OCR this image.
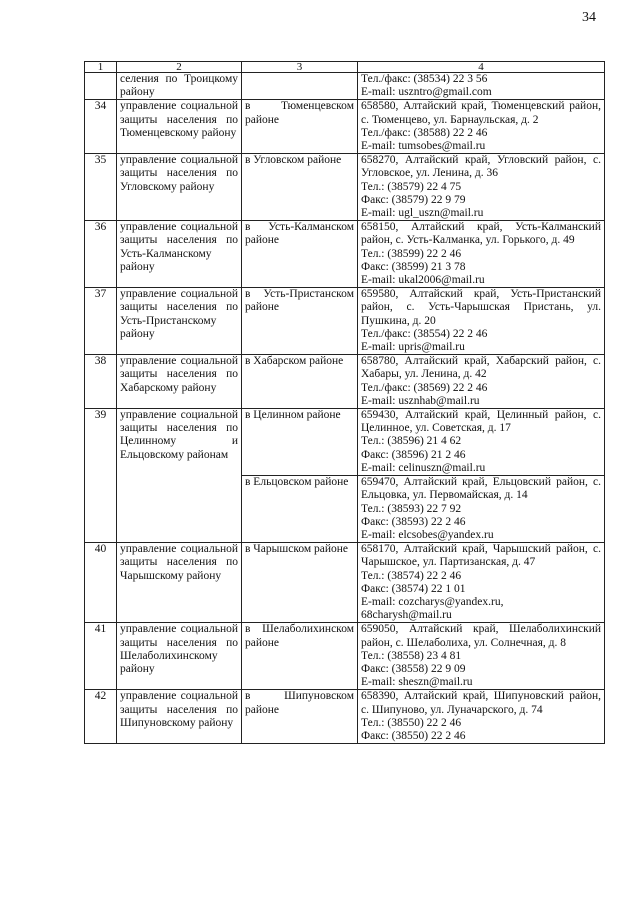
34
1	2	3	4
	селения по Троицкому району		Тел./факс: (38534) 22 3 56
E-mail: uszntro@gmail.com

34	управление социальной защиты населения по Тюменцевскому району	в Тюменцевском районе	658580, Алтайский край, Тюменцевский район, с. Тюменцево, ул. Барнаульская, д. 2
Тел./факс: (38588) 22 2 46
E-mail: tumsobes@mail.ru

35	управление социальной защиты населения по Угловскому району	в Угловском районе	658270, Алтайский край, Угловский район, с. Угловское, ул. Ленина, д. 36
Тел.: (38579) 22 4 75
Факс: (38579) 22 9 79
E-mail: ugl_uszn@mail.ru

36	управление социальной защиты населения по Усть-Калманскому району	в Усть-Калманском районе	658150, Алтайский край, Усть-Калманский район, с. Усть-Калманка, ул. Горького, д. 49
Тел.: (38599) 22 2 46
Факс: (38599) 21 3 78
E-mail: ukal2006@mail.ru

37	управление социальной защиты населения по Усть-Пристанскому району	в Усть-Пристанском районе	659580, Алтайский край, Усть-Пристанский район, с. Усть-Чарышская Пристань, ул. Пушкина, д. 20
Тел./факс: (38554) 22 2 46
E-mail: upris@mail.ru

38	управление социальной защиты населения по Хабарскому району	в Хабарском районе	658780, Алтайский край, Хабарский район, с. Хабары, ул. Ленина, д. 42
Тел./факс: (38569) 22 2 46
E-mail: usznhab@mail.ru

39	управление социальной защиты населения по Целинному и Ельцовскому районам	в Целинном районе	659430, Алтайский край, Целинный район, с. Целинное, ул. Советская, д. 17
Тел.: (38596) 21 4 62
Факс: (38596) 21 2 46
E-mail: celinuszn@mail.ru

		в Ельцовском районе	659470, Алтайский край, Ельцовский район, с. Ельцовка, ул. Первомайская, д. 14
Тел.: (38593) 22 7 92
Факс: (38593) 22 2 46
E-mail: elcsobes@yandex.ru

40	управление социальной защиты населения по Чарышскому району	в Чарышском районе	658170, Алтайский край, Чарышский район, с. Чарышское, ул. Партизанская, д. 47
Тел.: (38574) 22 2 46
Факс: (38574) 22 1 01
E-mail: cozcharys@yandex.ru,
68charysh@mail.ru

41	управление социальной защиты населения по Шелаболихинскому району	в Шелаболихинском районе	659050, Алтайский край, Шелаболихинский район, с. Шелаболиха, ул. Солнечная, д. 8
Тел.: (38558) 23 4 81
Факс: (38558) 22 9 09
E-mail: sheszn@mail.ru

42	управление социальной защиты населения по Шипуновскому району	в Шипуновском районе	658390, Алтайский край, Шипуновский район, с. Шипуново, ул. Луначарского, д. 74
Тел.: (38550) 22 2 46
Факс: (38550) 22 2 46
